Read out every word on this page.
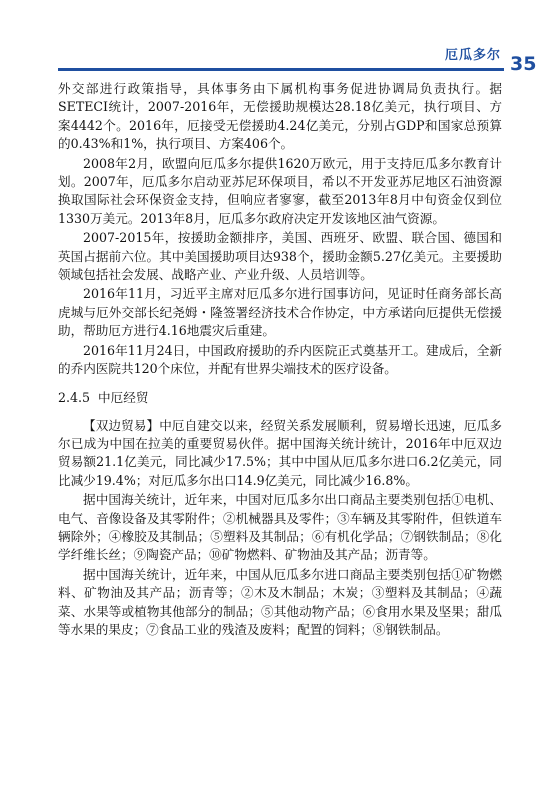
厄瓜多尔 35

外交部进行政策指导，具体事务由下属机构事务促进协调局负责执行。据SETECI统计，2007-2016年，无偿援助规模达28.18亿美元，执行项目、方案4442个。2016年，厄接受无偿援助4.24亿美元，分别占GDP和国家总预算的0.43%和1%，执行项目、方案406个。

2008年2月，欧盟向厄瓜多尔提供1620万欧元，用于支持厄瓜多尔教育计划。2007年，厄瓜多尔启动亚苏尼环保项目，希以不开发亚苏尼地区石油资源换取国际社会环保资金支持，但响应者寥寥，截至2013年8月中旬资金仅到位1330万美元。2013年8月，厄瓜多尔政府决定开发该地区油气资源。

2007-2015年，按援助金额排序，美国、西班牙、欧盟、联合国、德国和英国占据前六位。其中美国援助项目达938个，援助金额5.27亿美元。主要援助领域包括社会发展、战略产业、产业升级、人员培训等。

2016年11月，习近平主席对厄瓜多尔进行国事访问，见证时任商务部长高虎城与厄外交部长纪尧姆・隆签署经济技术合作协定，中方承诺向厄提供无偿援助，帮助厄方进行4.16地震灾后重建。

2016年11月24日，中国政府援助的乔内医院正式奠基开工。建成后，全新的乔内医院共120个床位，并配有世界尖端技术的医疗设备。

2.4.5 中厄经贸

【双边贸易】中厄自建交以来，经贸关系发展顺利，贸易增长迅速，厄瓜多尔已成为中国在拉美的重要贸易伙伴。据中国海关统计统计，2016年中厄双边贸易额21.1亿美元，同比减少17.5%；其中中国从厄瓜多尔进口6.2亿美元，同比减少19.4%；对厄瓜多尔出口14.9亿美元，同比减少16.8%。

据中国海关统计，近年来，中国对厄瓜多尔出口商品主要类别包括①电机、电气、音像设备及其零附件；②机械器具及零件；③车辆及其零附件，但铁道车辆除外；④橡胶及其制品；⑤塑料及其制品；⑥有机化学品；⑦钢铁制品；⑧化学纤维长丝；⑨陶瓷产品；⑩矿物燃料、矿物油及其产品；沥青等。

据中国海关统计，近年来，中国从厄瓜多尔进口商品主要类别包括①矿物燃料、矿物油及其产品；沥青等；②木及木制品；木炭；③塑料及其制品；④蔬菜、水果等或植物其他部分的制品；⑤其他动物产品；⑥食用水果及坚果；甜瓜等水果的果皮；⑦食品工业的残渣及废料；配置的饲料；⑧钢铁制品。
